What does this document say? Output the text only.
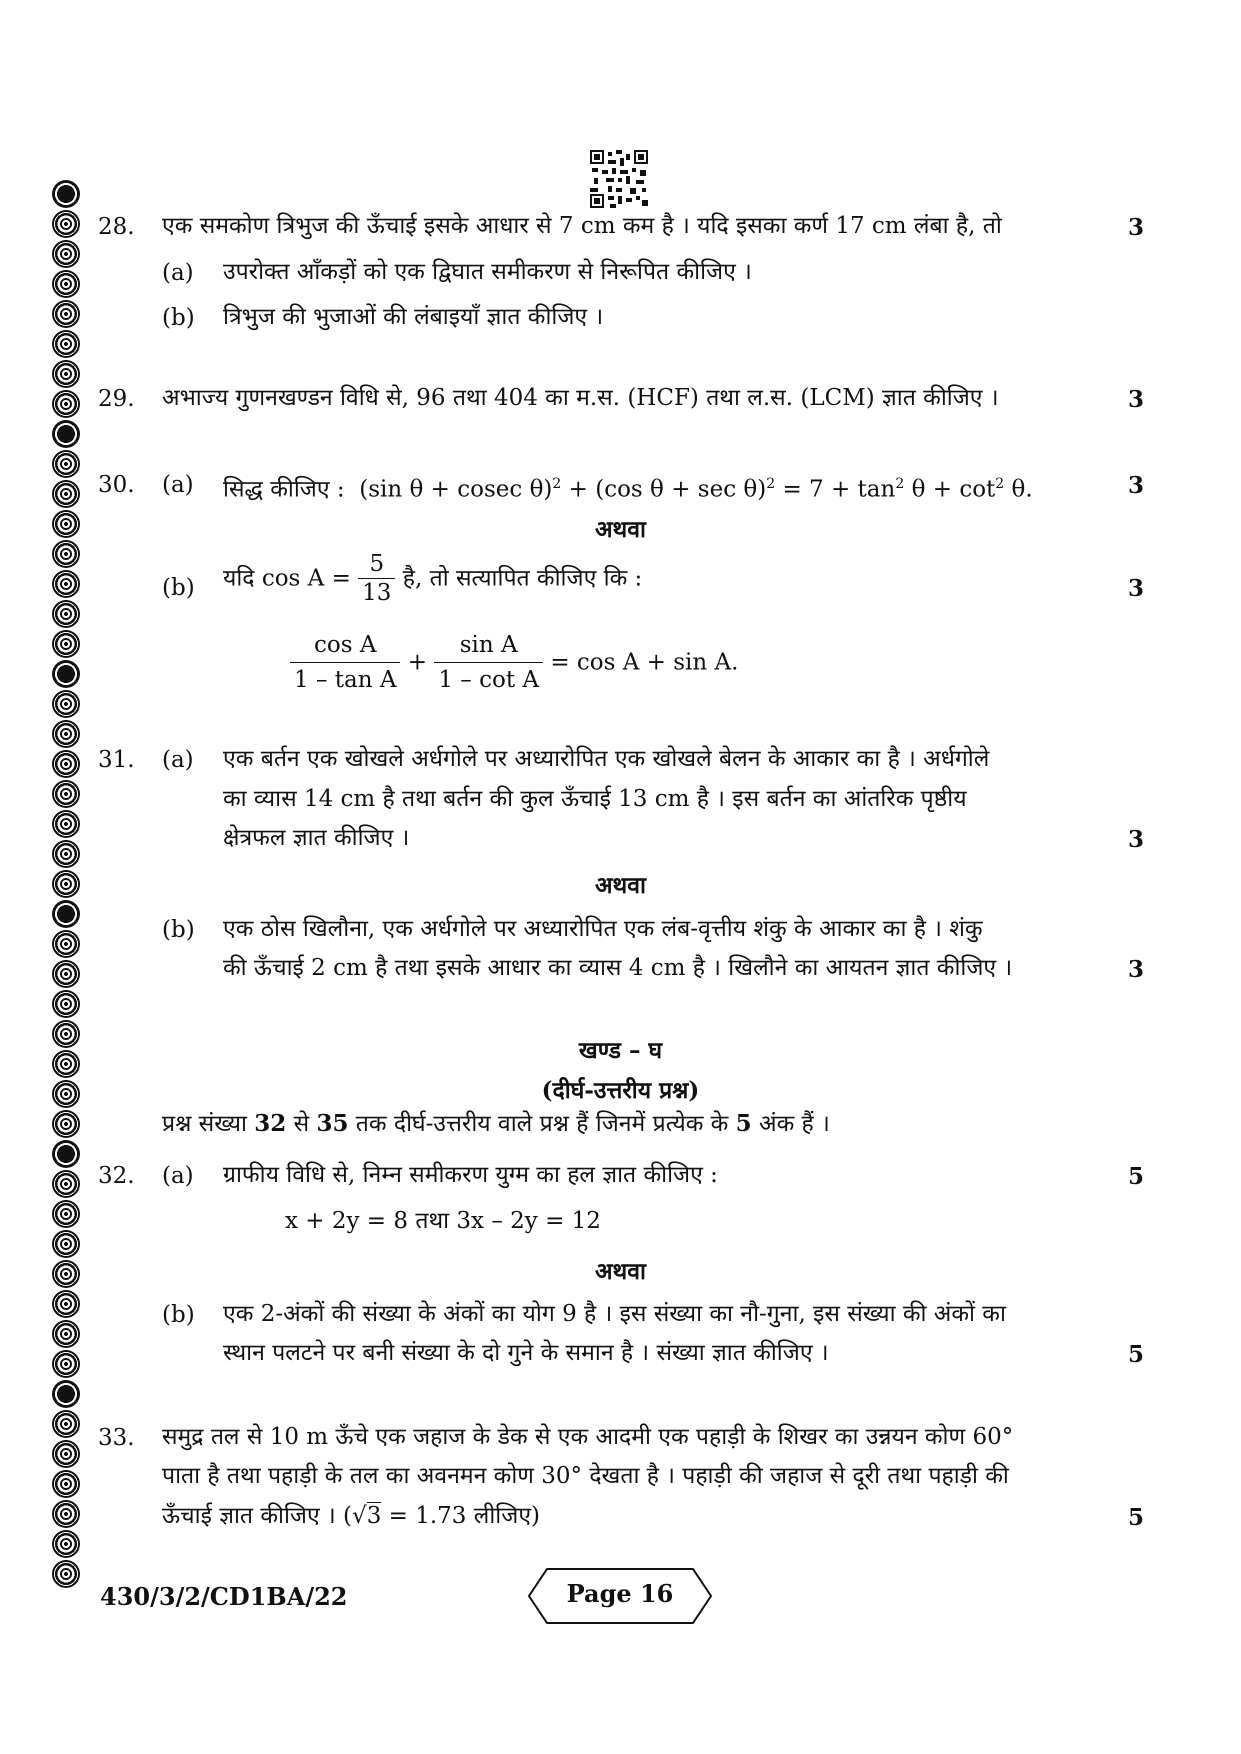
28. एक समकोण त्रिभुज की ऊँचाई इसके आधार से 7 cm कम है । यदि इसका कर्ण 17 cm लंबा है, तो	3
(a) उपरोक्त आँकड़ों को एक द्विघात समीकरण से निरूपित कीजिए ।
(b) त्रिभुज की भुजाओं की लंबाइयाँ ज्ञात कीजिए ।
29. अभाज्य गुणनखण्डन विधि से, 96 तथा 404 का म.स. (HCF) तथा ल.स. (LCM) ज्ञात कीजिए ।	3
30. (a) सिद्ध कीजिए : (sin θ + cosec θ)$^2$ + (cos $\theta + \sec \theta)^2 = 7 + \tan^2 \theta + \cot^2 \theta$.	3
अथवा
(b) यदि $\cos A = \frac{5}{13}$ है, तो सत्यापित कीजिए कि :	3
$\frac{\text{cos A}}{\text{1 – tan A}} + \frac{\text{sin A}}{\text{1 – cot A}} = \cos A + \sin A$.
31. (a) एक बर्तन एक खोखले अर्धगोले पर अध्यारोपित एक खोखले बेलन के आकार का है । अर्धगोले
का व्यास 14 cm है तथा बर्तन की कुल ऊँचाई 13 cm है । इस बर्तन का आंतरिक पृष्ठीय
क्षेत्रफल ज्ञात कीजिए ।	3
अथवा
(b) एक ठोस खिलौना, एक अर्धगोले पर अध्यारोपित एक लंब-वृत्तीय शंकु के आकार का है । शंकु
की ऊँचाई 2 cm है तथा इसके आधार का व्यास 4 cm है । खिलौने का आयतन ज्ञात कीजिए ।	3
खण्ड – घ
(दीर्घ-उत्तरीय प्रश्न)
प्रश्न संख्या 32 से 35 तक दीर्घ-उत्तरीय वाले प्रश्न हैं जिनमें प्रत्येक के 5 अंक हैं ।
32. (a) ग्राफीय विधि से, निम्न समीकरण युग्म का हल ज्ञात कीजिए :	5
x + 2y = 8 तथा 3x – 2y = 12
अथवा
(b) एक 2-अंकों की संख्या के अंकों का योग 9 है । इस संख्या का नौ-गुना, इस संख्या की अंकों का
स्थान पलटने पर बनी संख्या के दो गुने के समान है । संख्या ज्ञात कीजिए ।	5
33. समुद्र तल से 10 m ऊँचे एक जहाज के डेक से एक आदमी एक पहाड़ी के शिखर का उन्नयन कोण 60°
पाता है तथा पहाड़ी के तल का अवनमन कोण 30° देखता है । पहाड़ी की जहाज से दूरी तथा पहाड़ी की
ऊँचाई ज्ञात कीजिए । (√3 = 1.73 लीजिए)	5
430/3/2/CD1BA/22	Page 16
